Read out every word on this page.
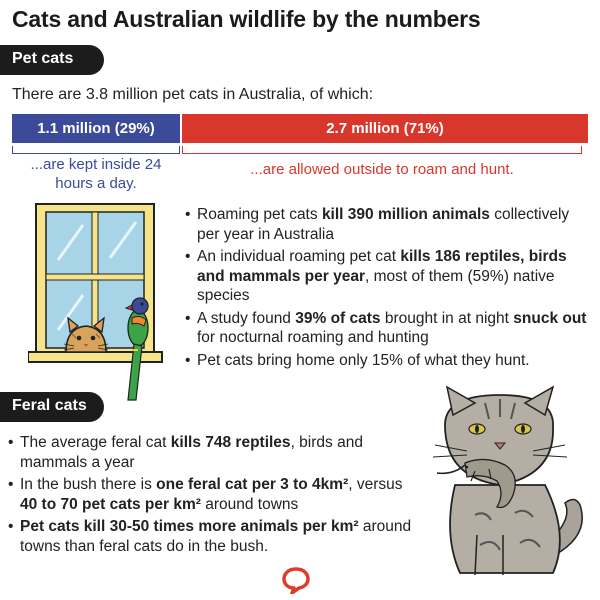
Cats and Australian wildlife by the numbers
Pet cats
There are 3.8 million pet cats in Australia, of which:
1.1 million (29%)	2.7 million (71%)
...are kept inside 24 hours a day.
...are allowed outside to roam and hunt.
• Roaming pet cats kill 390 million animals collectively per year in Australia
• An individual roaming pet cat kills 186 reptiles, birds and mammals per year, most of them (59%) native species
• A study found 39% of cats brought in at night snuck out for nocturnal roaming and hunting
• Pet cats bring home only 15% of what they hunt.
Feral cats
• The average feral cat kills 748 reptiles, birds and mammals a year
• In the bush there is one feral cat per 3 to 4km², versus 40 to 70 pet cats per km² around towns
• Pet cats kill 30-50 times more animals per km² around towns than feral cats do in the bush.
